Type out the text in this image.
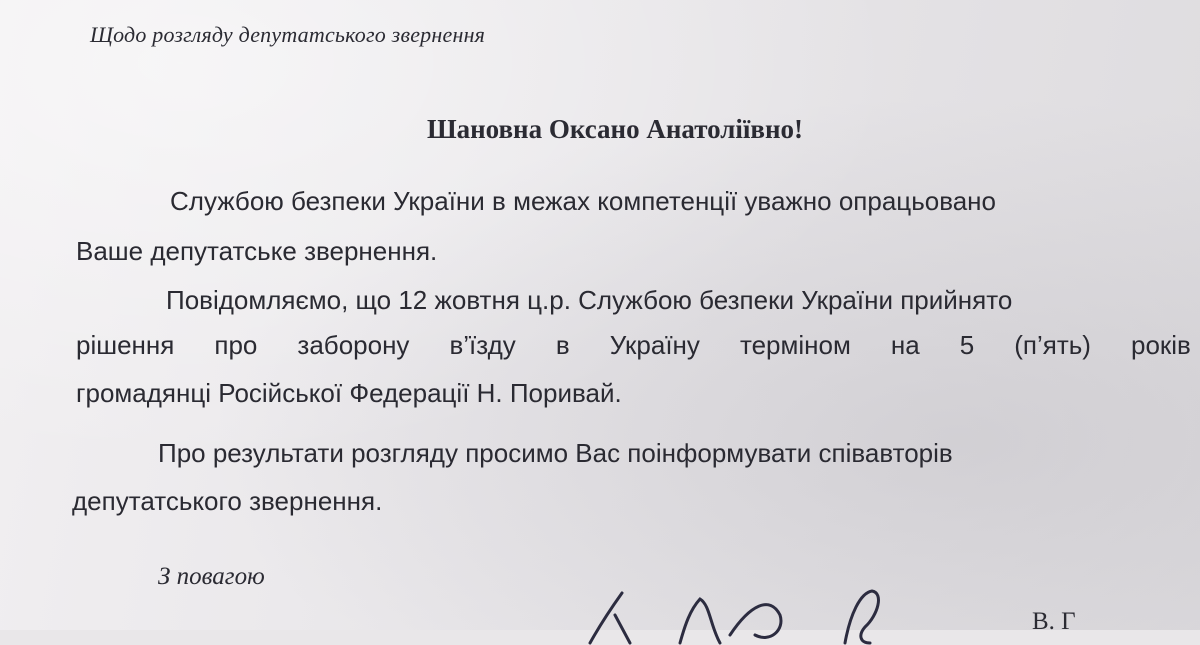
Щодо розгляду депутатського звернення
Шановна Оксано Анатоліївно!
Службою безпеки України в межах компетенції уважно опрацьовано
Ваше депутатське звернення.
Повідомляємо, що 12 жовтня ц.р. Службою безпеки України прийнято
рішення про заборону в’їзду в Україну терміном на 5 (п’ять) років
громадянці Російської Федерації Н. Поривай.
Про результати розгляду просимо Вас поінформувати співавторів
депутатського звернення.
З повагою
В. Г
